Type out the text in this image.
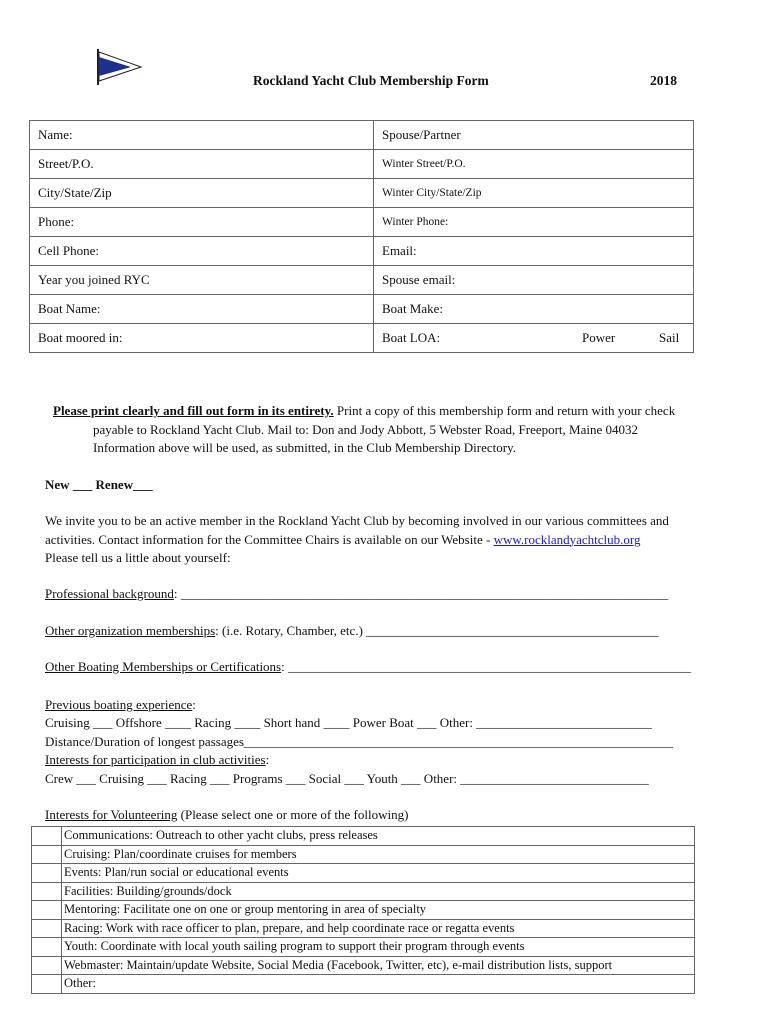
Rockland Yacht Club Membership Form	2018
Name:	Spouse/Partner
Street/P.O.	Winter Street/P.O.
City/State/Zip	Winter City/State/Zip
Phone:	Winter Phone:
Cell Phone:	Email:
Year you joined RYC	Spouse email:
Boat Name:	Boat Make:
Boat moored in:	Boat LOA: Power Sail
Please print clearly and fill out form in its entirety. Print a copy of this membership form and return with your check
payable to Rockland Yacht Club. Mail to: Don and Jody Abbott, 5 Webster Road, Freeport, Maine 04032
Information above will be used, as submitted, in the Club Membership Directory.
New ___ Renew___
We invite you to be an active member in the Rockland Yacht Club by becoming involved in our various committees and
activities. Contact information for the Committee Chairs is available on our Website - www.rocklandyachtclub.org
Please tell us a little about yourself:
Professional background: ___________________________________________________________________________
Other organization memberships: (i.e. Rotary, Chamber, etc.) _____________________________________________
Other Boating Memberships or Certifications: ______________________________________________________________
Previous boating experience:
Cruising ___ Offshore ____ Racing ____ Short hand ____ Power Boat ___ Other: ___________________________
Distance/Duration of longest passages__________________________________________________________________
Interests for participation in club activities:
Crew ___ Cruising ___ Racing ___ Programs ___ Social ___ Youth ___ Other: _____________________________
Interests for Volunteering (Please select one or more of the following)
	Communications: Outreach to other yacht clubs, press releases
	Cruising: Plan/coordinate cruises for members
	Events: Plan/run social or educational events
	Facilities: Building/grounds/dock
	Mentoring: Facilitate one on one or group mentoring in area of specialty
	Racing: Work with race officer to plan, prepare, and help coordinate race or regatta events
	Youth: Coordinate with local youth sailing program to support their program through events
	Webmaster: Maintain/update Website, Social Media (Facebook, Twitter, etc), e-mail distribution lists, support
	Other:
